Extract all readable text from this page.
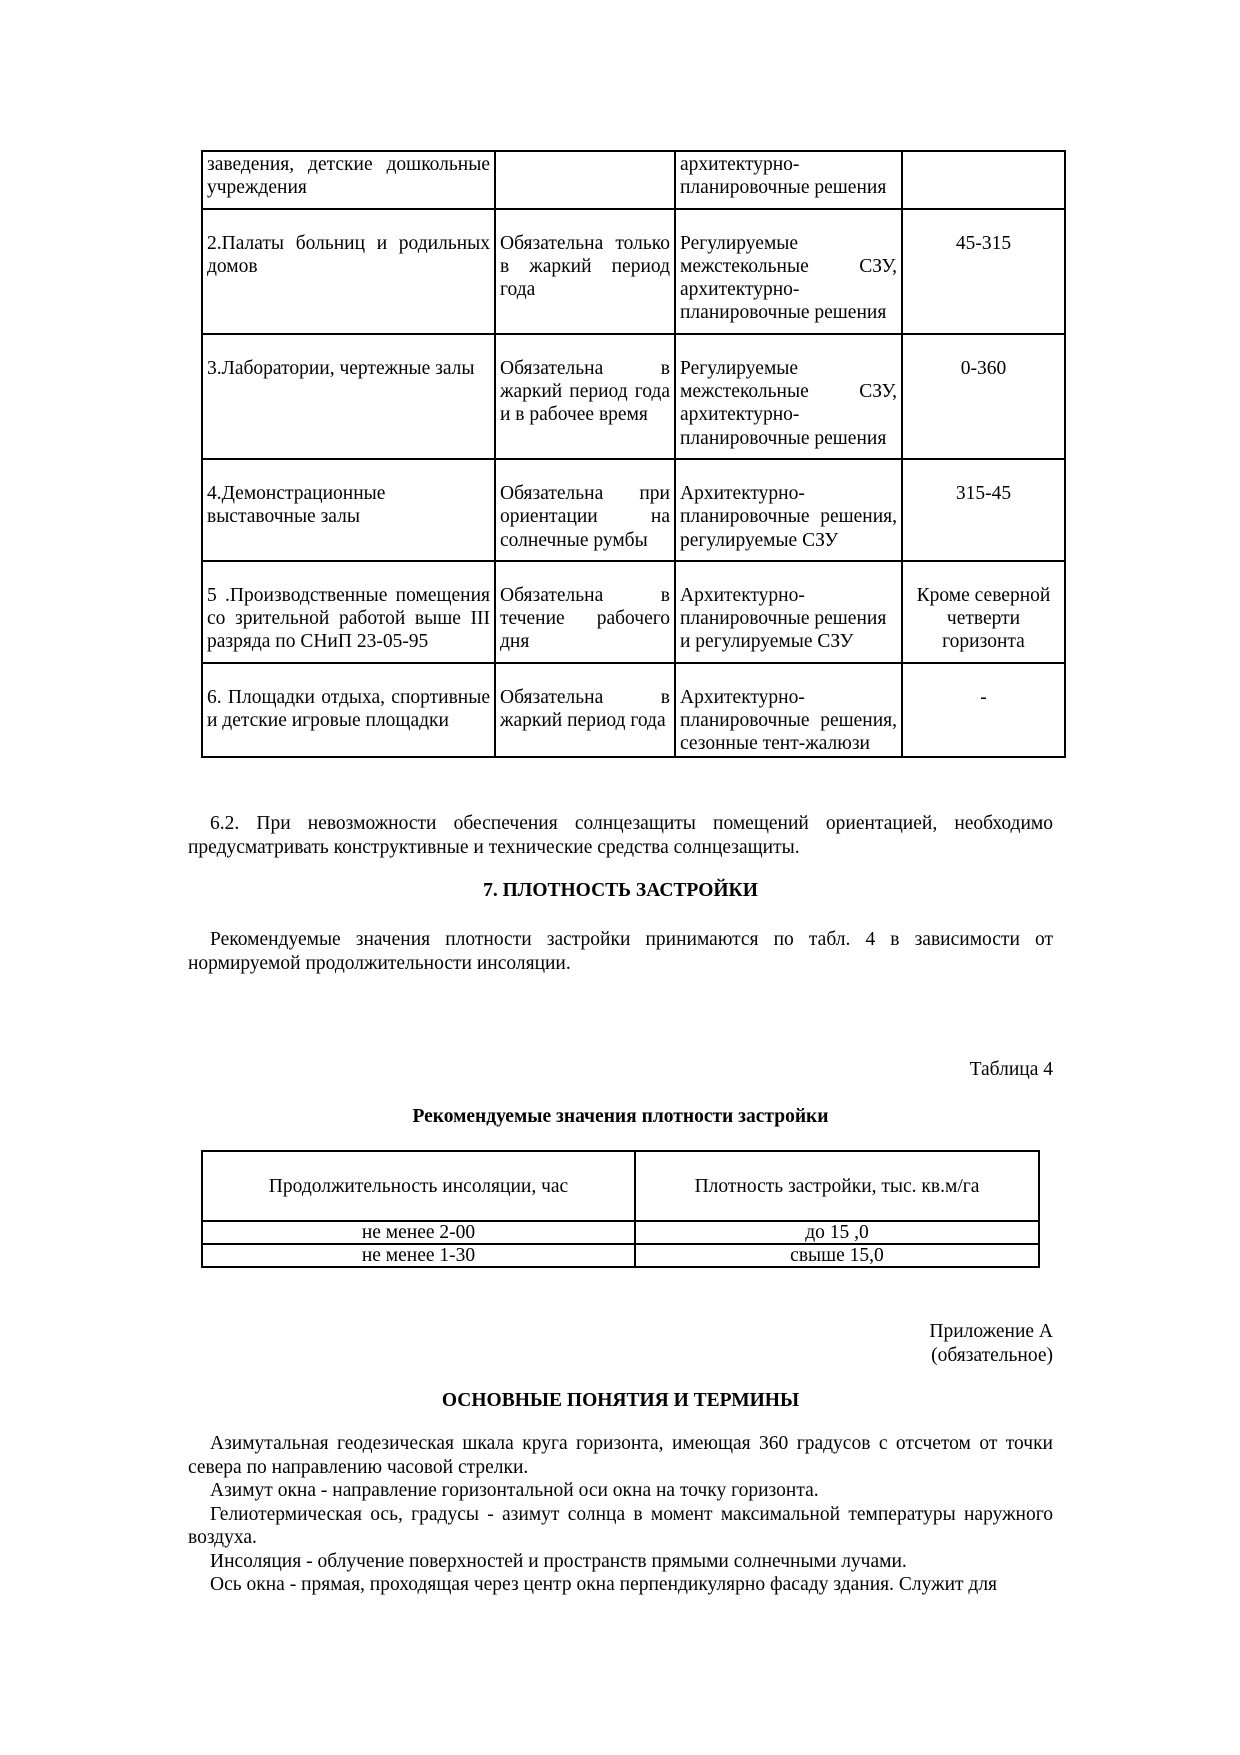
заведения, детские дошкольные учреждения		архитектурно-планировочные решения	
2.Палаты больниц и родильных домов	Обязательна только в жаркий период года	Регулируемые межстекольные СЗУ, архитектурно-планировочные решения	45-315
3.Лаборатории, чертежные залы	Обязательна в жаркий период года и в рабочее время	Регулируемые межстекольные СЗУ, архитектурно-планировочные решения	0-360
4.Демонстрационные выставочные залы	Обязательна при ориентации на солнечные румбы	Архитектурно-планировочные решения, регулируемые СЗУ	315-45
5 .Производственные помещения со зрительной работой выше III разряда по СНиП 23-05-95	Обязательна в течение рабочего дня	Архитектурно-планировочные решения и регулируемые СЗУ	Кроме северной четверти горизонта
6. Площадки отдыха, спортивные и детские игровые площадки	Обязательна в жаркий период года	Архитектурно-планировочные решения, сезонные тент-жалюзи	-

6.2. При невозможности обеспечения солнцезащиты помещений ориентацией, необходимо предусматривать конструктивные и технические средства солнцезащиты.

7. ПЛОТНОСТЬ ЗАСТРОЙКИ

Рекомендуемые значения плотности застройки принимаются по табл. 4 в зависимости от нормируемой продолжительности инсоляции.

Таблица 4

Рекомендуемые значения плотности застройки

Продолжительность инсоляции, час	Плотность застройки, тыс. кв.м/га
не менее 2-00	до 15 ,0
не менее 1-30	свыше 15,0

Приложение А

(обязательное)

ОСНОВНЫЕ ПОНЯТИЯ И ТЕРМИНЫ

Азимутальная геодезическая шкала круга горизонта, имеющая 360 градусов с отсчетом от точки севера по направлению часовой стрелки.

Азимут окна - направление горизонтальной оси окна на точку горизонта.

Гелиотермическая ось, градусы - азимут солнца в момент максимальной температуры наружного воздуха.

Инсоляция - облучение поверхностей и пространств прямыми солнечными лучами.

Ось окна - прямая, проходящая через центр окна перпендикулярно фасаду здания. Служит для
